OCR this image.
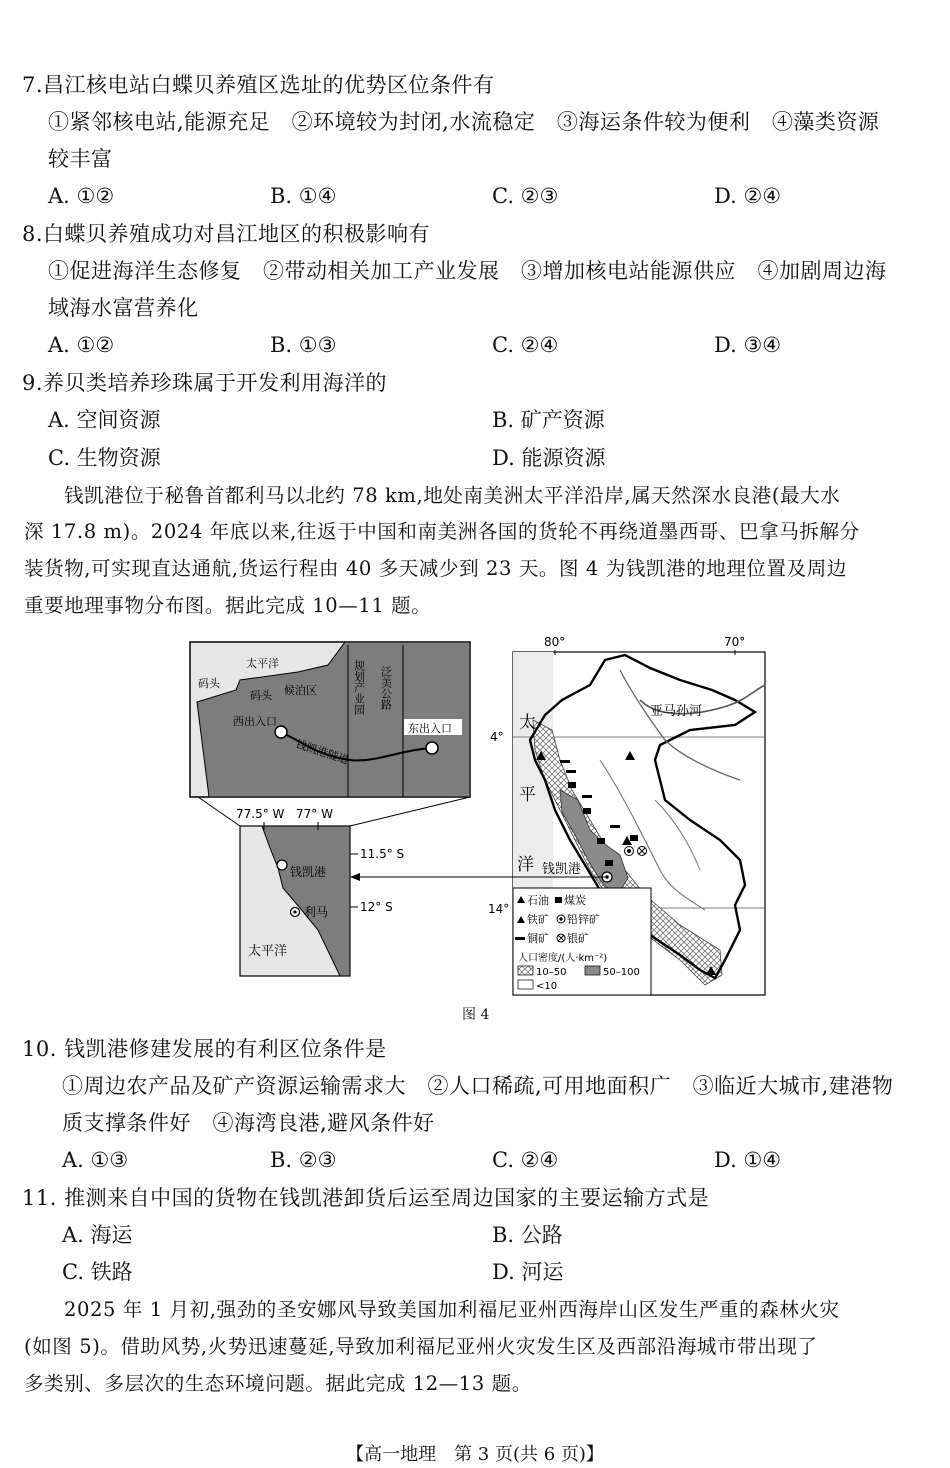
7.昌江核电站白蝶贝养殖区选址的优势区位条件有
①紧邻核电站,能源充足　②环境较为封闭,水流稳定　③海运条件较为便利　④藻类资源
较丰富
A. ①②	B. ①④	C. ②③	D. ②④
8.白蝶贝养殖成功对昌江地区的积极影响有
①促进海洋生态修复　②带动相关加工产业发展　③增加核电站能源供应　④加剧周边海
域海水富营养化
A. ①②	B. ①③	C. ②④	D. ③④
9.养贝类培养珍珠属于开发利用海洋的
A. 空间资源	B. 矿产资源
C. 生物资源	D. 能源资源
钱凯港位于秘鲁首都利马以北约 78 km,地处南美洲太平洋沿岸,属天然深水良港(最大水
深 17.8 m)。2024 年底以来,往返于中国和南美洲各国的货轮不再绕道墨西哥、巴拿马拆解分
装货物,可实现直达通航,货运行程由 40 多天减少到 23 天。图 4 为钱凯港的地理位置及周边
重要地理事物分布图。据此完成 10—11 题。
太平洋
码头
码头 候泊区
西出入口
东出入口
钱凯港隧道
规划产业园 泛美公路
77.5° W 77° W
11.5° S
12° S
钱凯港
利马
太平洋
80°	70°
4°
14°
亚马孙河
太
平
洋 钱凯港
石油 煤炭
铁矿 铅锌矿
铜矿 银矿
人口密度/(人·km⁻²)
10–50	50–100
<10
图 4
10. 钱凯港修建发展的有利区位条件是
①周边农产品及矿产资源运输需求大　②人口稀疏,可用地面积广　③临近大城市,建港物
质支撑条件好　④海湾良港,避风条件好
A. ①③	B. ②③	C. ②④	D. ①④
11. 推测来自中国的货物在钱凯港卸货后运至周边国家的主要运输方式是
A. 海运	B. 公路
C. 铁路	D. 河运
2025 年 1 月初,强劲的圣安娜风导致美国加利福尼亚州西海岸山区发生严重的森林火灾
(如图 5)。借助风势,火势迅速蔓延,导致加利福尼亚州火灾发生区及西部沿海城市带出现了
多类别、多层次的生态环境问题。据此完成 12—13 题。
【高一地理　第 3 页(共 6 页)】
